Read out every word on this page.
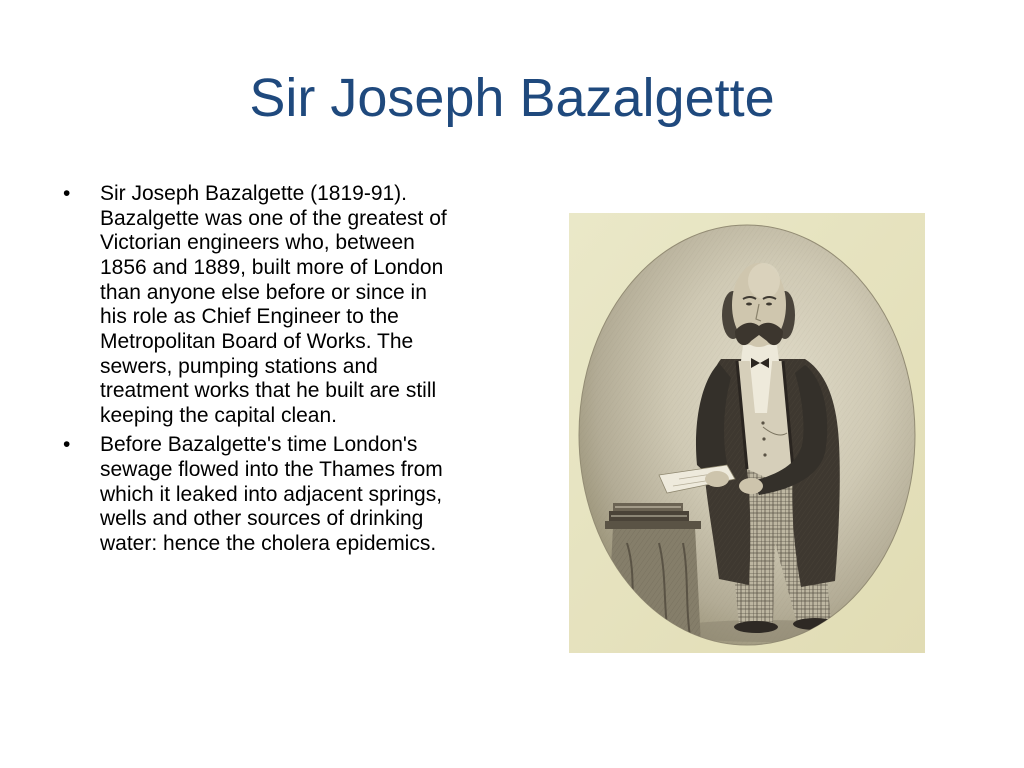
Sir Joseph Bazalgette
• Sir Joseph Bazalgette (1819-91).
Bazalgette was one of the greatest of
Victorian engineers who, between
1856 and 1889, built more of London
than anyone else before or since in
his role as Chief Engineer to the
Metropolitan Board of Works. The
sewers, pumping stations and
treatment works that he built are still
keeping the capital clean.
• Before Bazalgette's time London's
sewage flowed into the Thames from
which it leaked into adjacent springs,
wells and other sources of drinking
water: hence the cholera epidemics.
